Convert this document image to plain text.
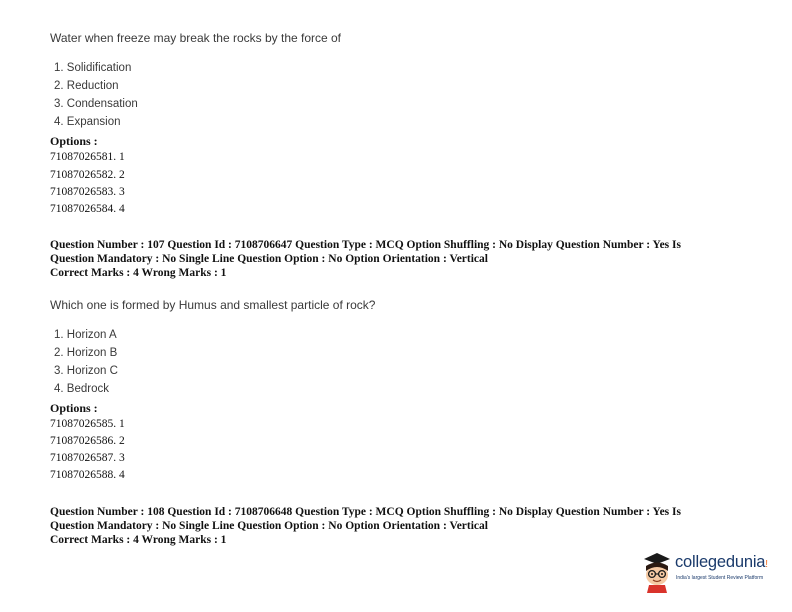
Water when freeze may break the rocks by the force of
1. Solidification
2. Reduction
3. Condensation
4. Expansion
Options :
71087026581. 1
71087026582. 2
71087026583. 3
71087026584. 4
Question Number : 107 Question Id : 7108706647 Question Type : MCQ Option Shuffling : No Display Question Number : Yes Is
Question Mandatory : No Single Line Question Option : No Option Orientation : Vertical
Correct Marks : 4 Wrong Marks : 1
Which one is formed by Humus and smallest particle of rock?
1. Horizon A
2. Horizon B
3. Horizon C
4. Bedrock
Options :
71087026585. 1
71087026586. 2
71087026587. 3
71087026588. 4
Question Number : 108 Question Id : 7108706648 Question Type : MCQ Option Shuffling : No Display Question Number : Yes Is
Question Mandatory : No Single Line Question Option : No Option Orientation : Vertical
Correct Marks : 4 Wrong Marks : 1
collegedunia!
India's largest Student Review Platform
